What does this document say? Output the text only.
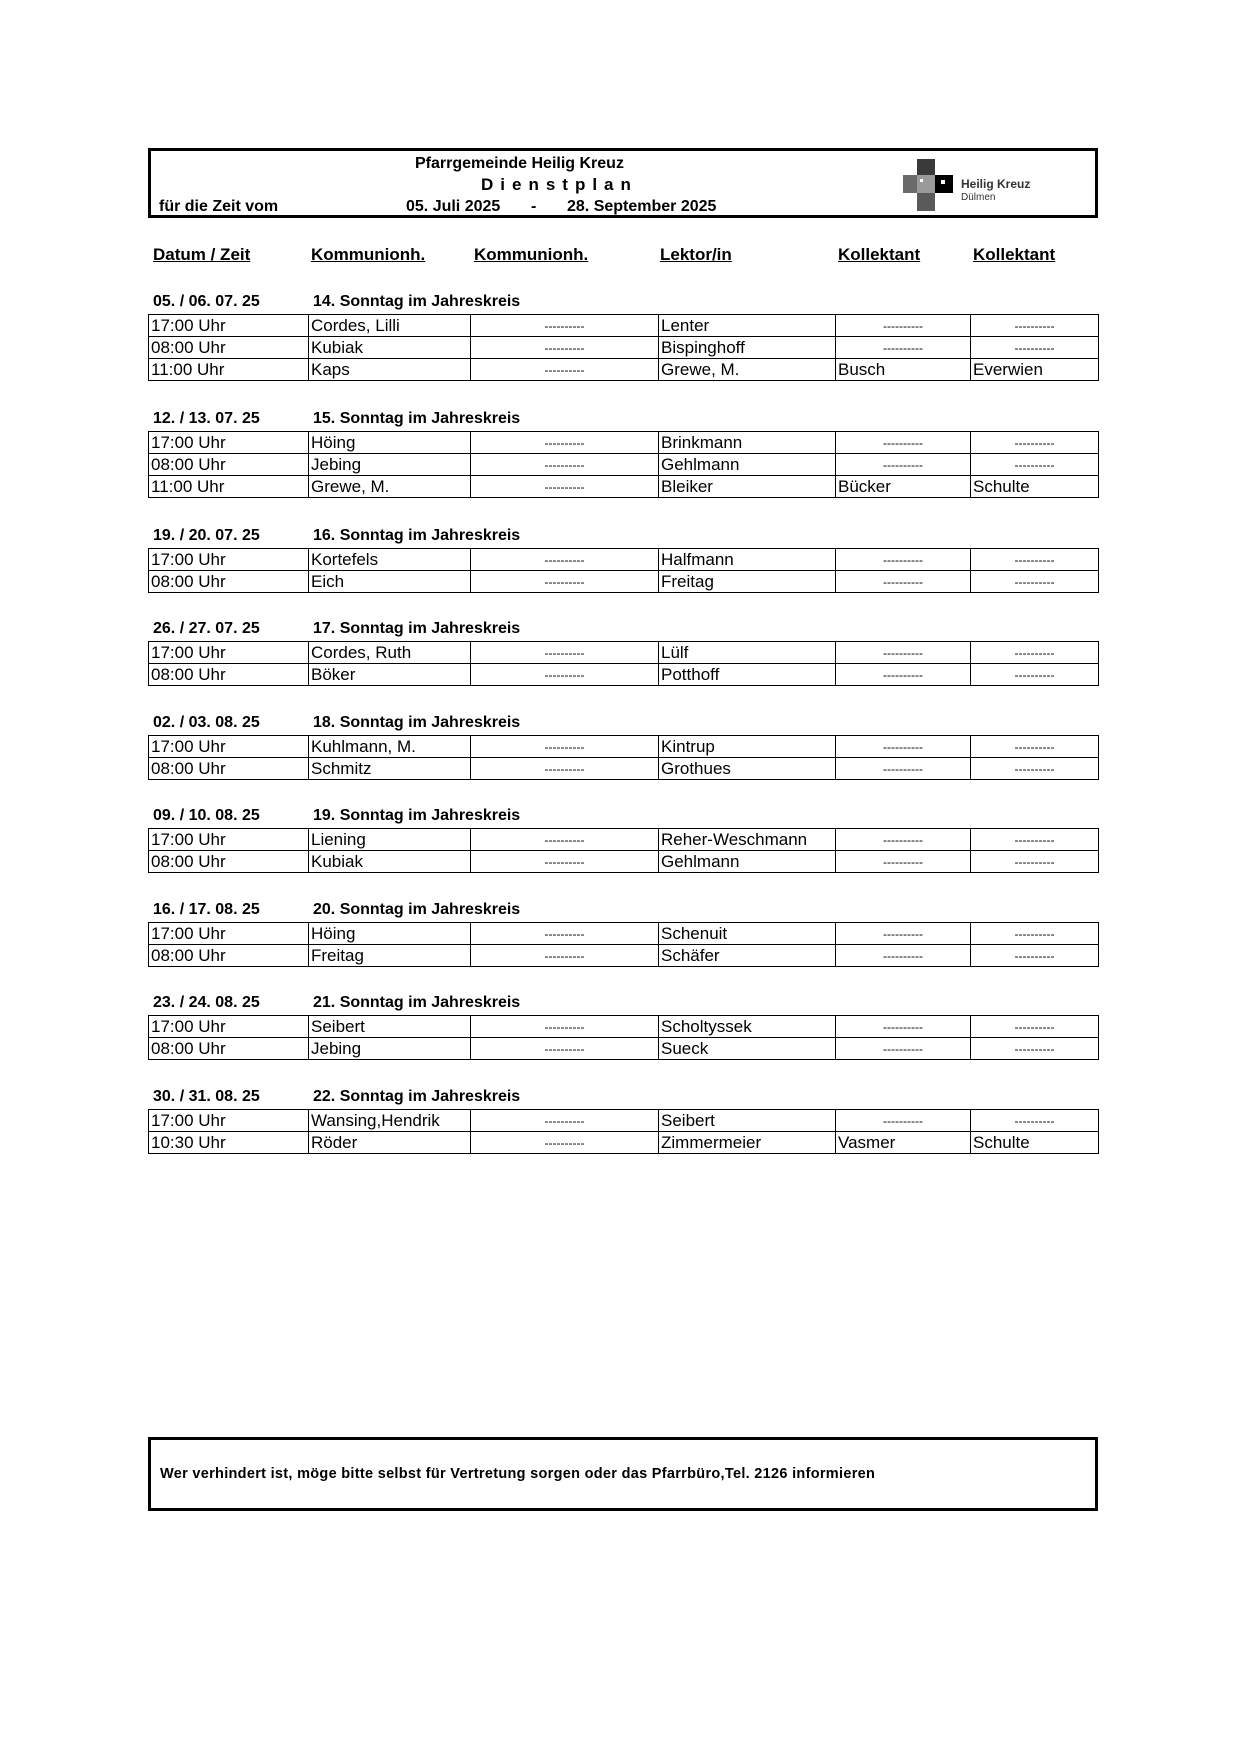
Pfarrgemeinde Heilig Kreuz
Dienstplan
für die Zeit vom	05. Juli 2025 - 28. September 2025
Heilig Kreuz
Dülmen
Datum / Zeit	Kommunionh.	Kommunionh.	Lektor/in	Kollektant	Kollektant
05. / 06. 07. 25	14. Sonntag im Jahreskreis
17:00 Uhr	Cordes, Lilli	----------	Lenter	----------	----------
08:00 Uhr	Kubiak	----------	Bispinghoff	----------	----------
11:00 Uhr	Kaps	----------	Grewe, M.	Busch	Everwien
12. / 13. 07. 25	15. Sonntag im Jahreskreis
17:00 Uhr	Höing	----------	Brinkmann	----------	----------
08:00 Uhr	Jebing	----------	Gehlmann	----------	----------
11:00 Uhr	Grewe, M.	----------	Bleiker	Bücker	Schulte
19. / 20. 07. 25	16. Sonntag im Jahreskreis
17:00 Uhr	Kortefels	----------	Halfmann	----------	----------
08:00 Uhr	Eich	----------	Freitag	----------	----------
26. / 27. 07. 25	17. Sonntag im Jahreskreis
17:00 Uhr	Cordes, Ruth	----------	Lülf	----------	----------
08:00 Uhr	Böker	----------	Potthoff	----------	----------
02. / 03. 08. 25	18. Sonntag im Jahreskreis
17:00 Uhr	Kuhlmann, M.	----------	Kintrup	----------	----------
08:00 Uhr	Schmitz	----------	Grothues	----------	----------
09. / 10. 08. 25	19. Sonntag im Jahreskreis
17:00 Uhr	Liening	----------	Reher-Weschmann	----------	----------
08:00 Uhr	Kubiak	----------	Gehlmann	----------	----------
16. / 17. 08. 25	20. Sonntag im Jahreskreis
17:00 Uhr	Höing	----------	Schenuit	----------	----------
08:00 Uhr	Freitag	----------	Schäfer	----------	----------
23. / 24. 08. 25	21. Sonntag im Jahreskreis
17:00 Uhr	Seibert	----------	Scholtyssek	----------	----------
08:00 Uhr	Jebing	----------	Sueck	----------	----------
30. / 31. 08. 25	22. Sonntag im Jahreskreis
17:00 Uhr	Wansing,Hendrik	----------	Seibert	----------	----------
10:30 Uhr	Röder	----------	Zimmermeier	Vasmer	Schulte
Wer verhindert ist, möge bitte selbst für Vertretung sorgen oder das Pfarrbüro,Tel. 2126 informieren
